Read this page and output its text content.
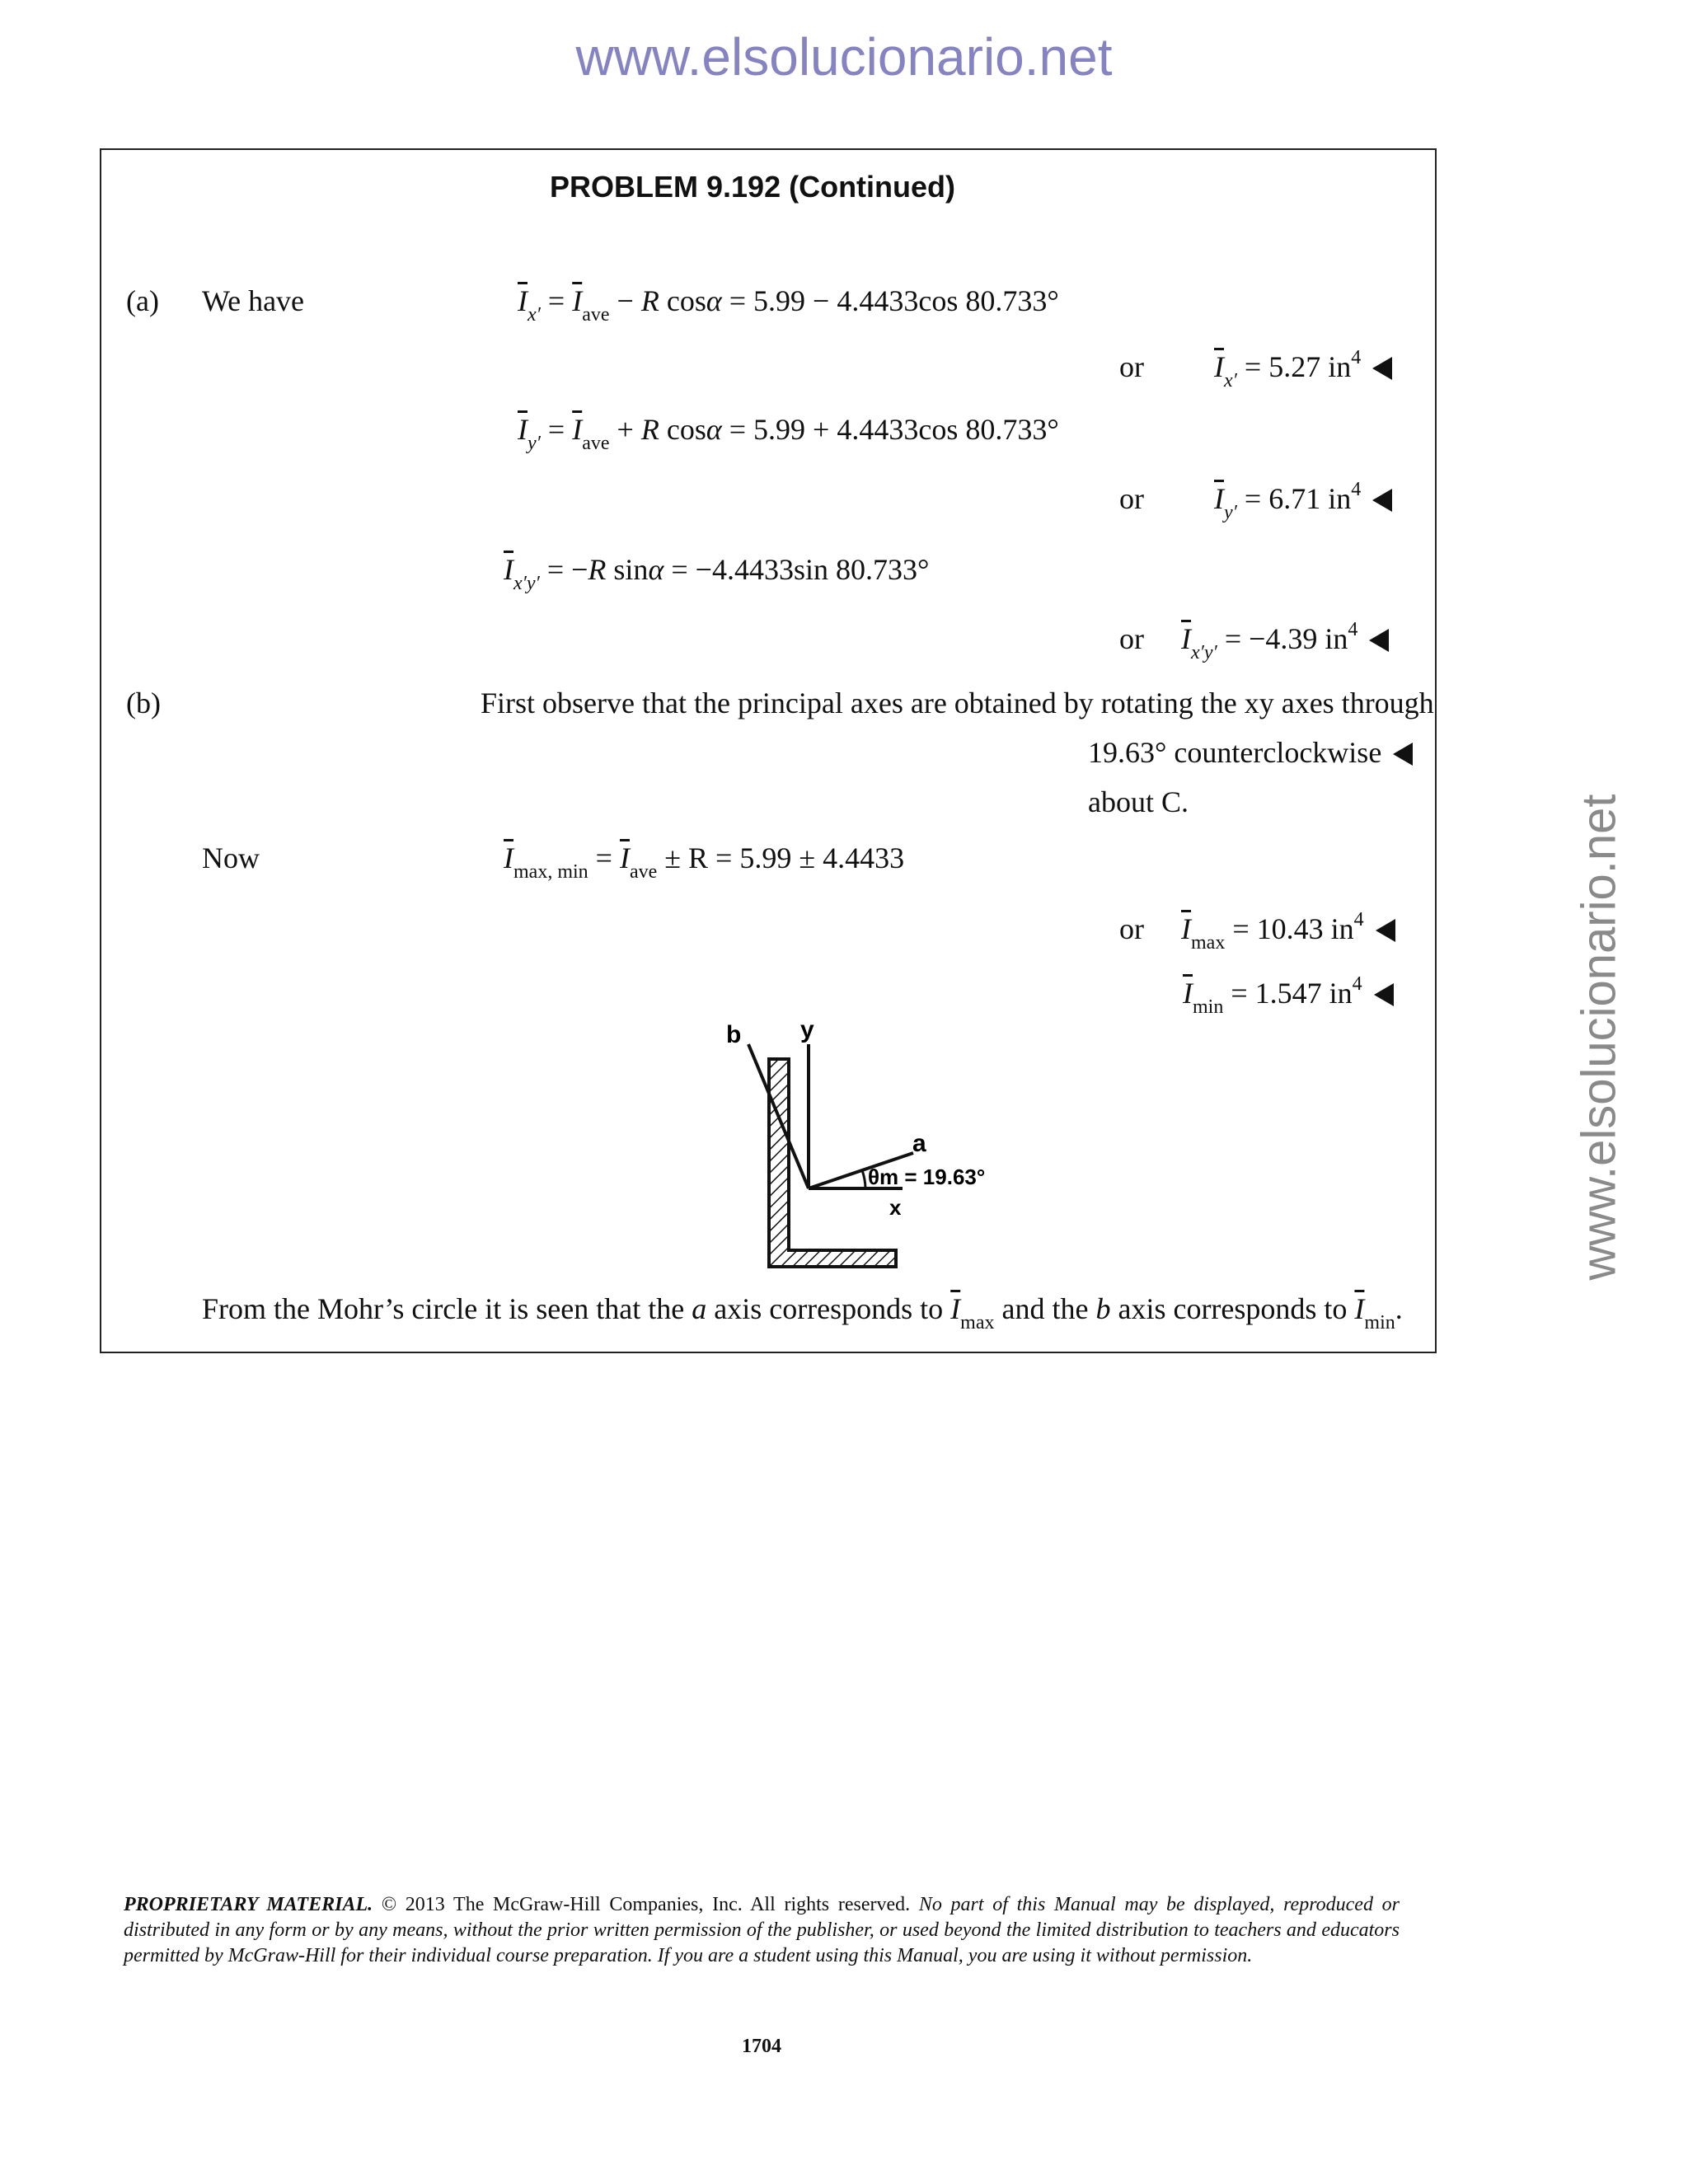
www.elsolucionario.net
www.elsolucionario.net
PROBLEM 9.192 (Continued)
(a) We have	$\overline{I}_{x'} = \overline{I}_{ave} - R$ cosα = 5.99 − 4.4433cos 80.733°
or $\overline{I}_{x'} = 5.27$ $in^4$
$\overline{I}_{y'} = \overline{I}_{ave} + R$ cosα = 5.99 + 4.4433cos 80.733°
or $\overline{I}_{y'} = 6.71$ $in^4$
$\overline{I}_{x'y'} = -R$ sinα = −4.4433sin 80.733°
or $\overline{I}_{x'y'} = -4.39$ $in^4$
(b)	First observe that the principal axes are obtained by rotating the xy axes through
19.63° counterclockwise
about C.
Now	$\overline{I}_{max, min} = \overline{I}_{ave} \pm R = 5.99 \pm 4.4433$
or $\overline{I}_{max} = 10.43$ $in^4$
$\overline{I}_{min} = 1.547$ $in^4$
b y
a
x
θm = 19.63°
From the Mohr’s circle it is seen that the a axis corresponds to $\overline{I}_{max}$ and the b axis corresponds to $\overline{I}_{min}$.
PROPRIETARY MATERIAL. © 2013 The McGraw-Hill Companies, Inc. All rights reserved. No part of this Manual may be displayed, reproduced or distributed in any form or by any means, without the prior written permission of the publisher, or used beyond the limited distribution to teachers and educators permitted by McGraw-Hill for their individual course preparation. If you are a student using this Manual, you are using it without permission.
1704
